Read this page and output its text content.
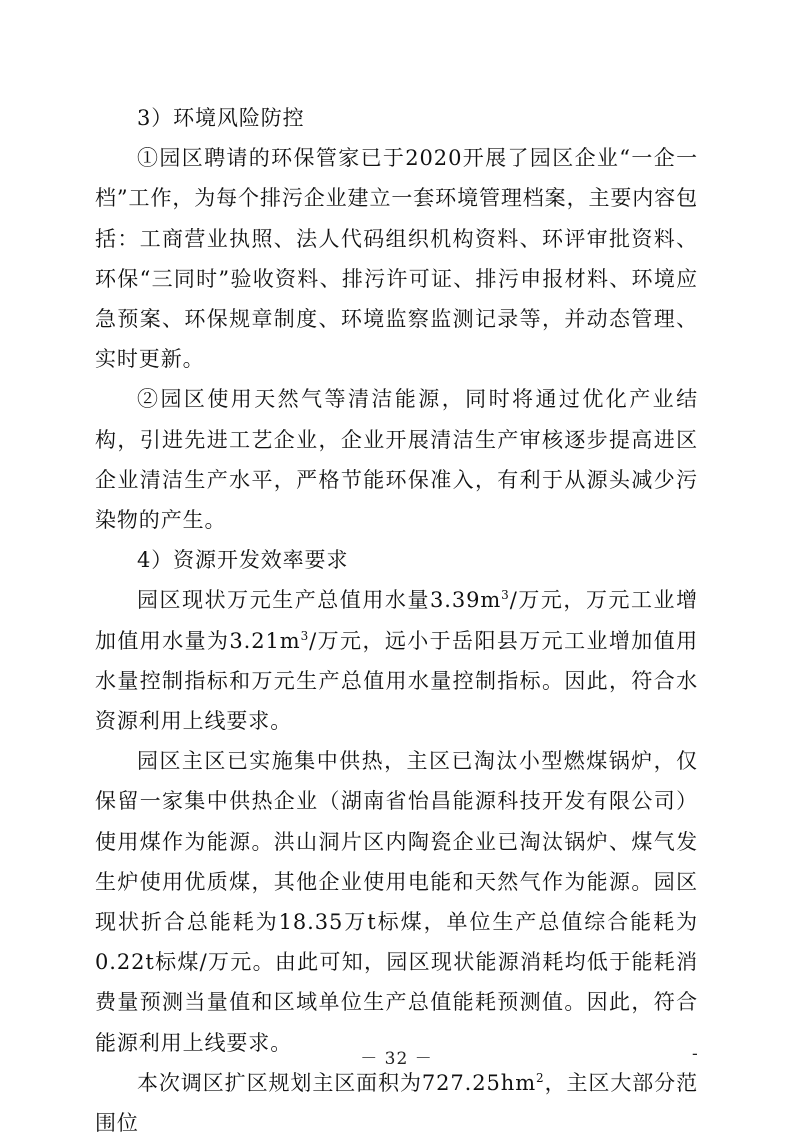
3）环境风险防控

①园区聘请的环保管家已于2020开展了园区企业“一企一档”工作，为每个排污企业建立一套环境管理档案，主要内容包括：工商营业执照、法人代码组织机构资料、环评审批资料、环保“三同时”验收资料、排污许可证、排污申报材料、环境应急预案、环保规章制度、环境监察监测记录等，并动态管理、实时更新。

②园区使用天然气等清洁能源，同时将通过优化产业结构，引进先进工艺企业，企业开展清洁生产审核逐步提高进区企业清洁生产水平，严格节能环保准入，有利于从源头减少污染物的产生。

4）资源开发效率要求

园区现状万元生产总值用水量$3.39m^3/$万元，万元工业增加值用水量为$3.21m^3/$万元，远小于岳阳县万元工业增加值用水量控制指标和万元生产总值用水量控制指标。因此，符合水资源利用上线要求。

园区主区已实施集中供热，主区已淘汰小型燃煤锅炉，仅保留一家集中供热企业（湖南省怡昌能源科技开发有限公司）使用煤作为能源。洪山洞片区内陶瓷企业已淘汰锅炉、煤气发生炉使用优质煤，其他企业使用电能和天然气作为能源。园区现状折合总能耗为18.35万t标煤，单位生产总值综合能耗为0.22t标煤/万元。由此可知，园区现状能源消耗均低于能耗消费量预测当量值和区域单位生产总值能耗预测值。因此，符合能源利用上线要求。

本次调区扩区规划主区面积为$727.25hm^2$，主区大部分范围位

－ 32 －	-
